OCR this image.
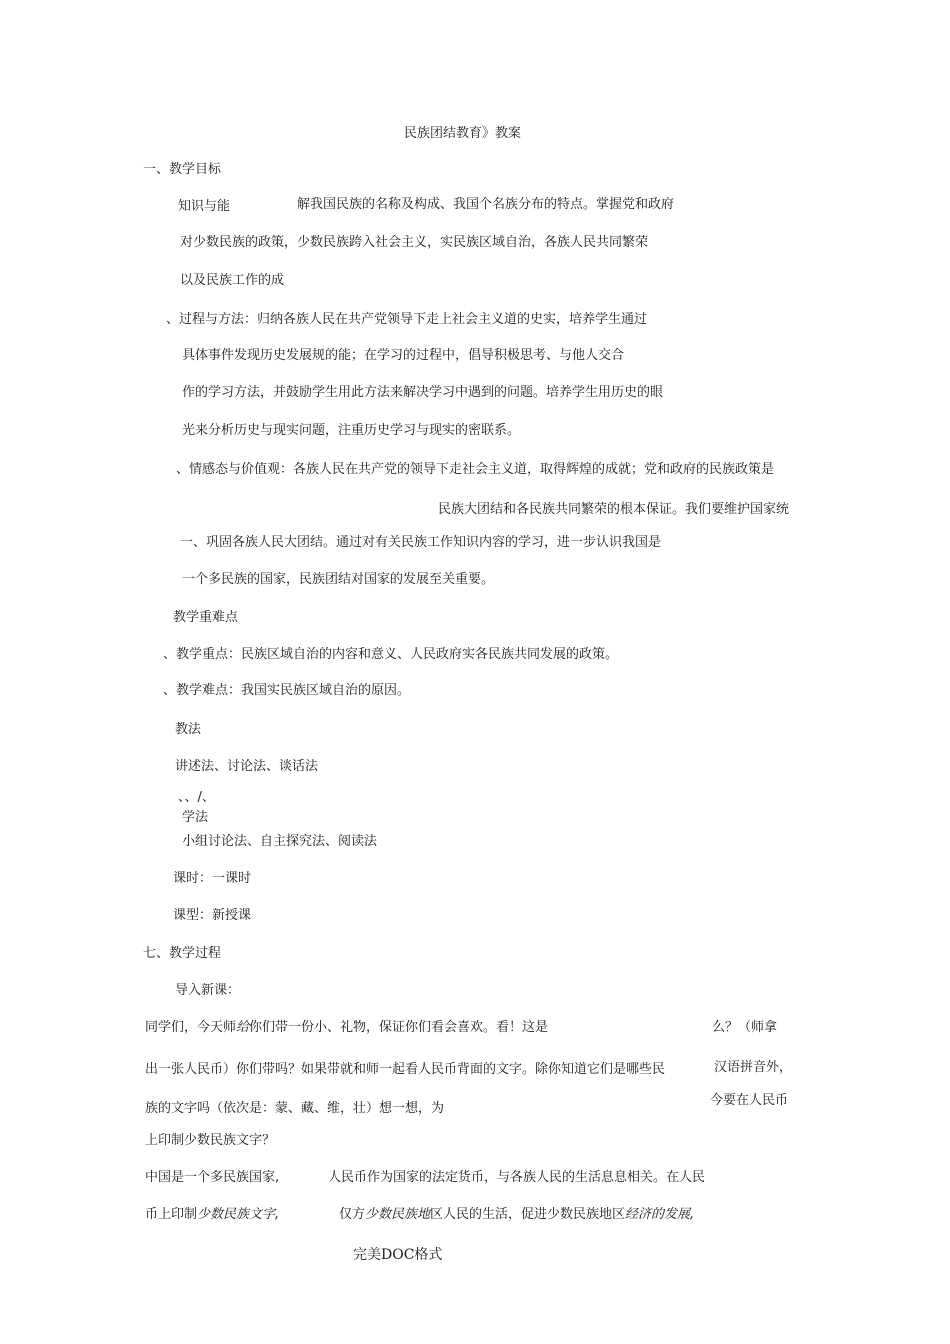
民族团结教育》教案
一、教学目标
知识与能	解我国民族的名称及构成、我国个名族分布的特点。掌握党和政府
对少数民族的政策，少数民族跨入社会主义，实民族区域自治，各族人民共同繁荣
以及民族工作的成
、过程与方法：归纳各族人民在共产党领导下走上社会主义道的史实，培养学生通过
具体事件发现历史发展规的能；在学习的过程中，倡导积极思考、与他人交合
作的学习方法，并鼓励学生用此方法来解决学习中遇到的问题。培养学生用历史的眼
光来分析历史与现实问题，注重历史学习与现实的密联系。
、情感态与价值观：各族人民在共产党的领导下走社会主义道，取得辉煌的成就；党和政府的民族政策是
民族大团结和各民族共同繁荣的根本保证。我们要维护国家统
一、巩固各族人民大团结。通过对有关民族工作知识内容的学习，进一步认识我国是
一个多民族的国家，民族团结对国家的发展至关重要。
教学重难点
、教学重点：民族区域自治的内容和意义、人民政府实各民族共同发展的政策。
、教学难点：我国实民族区域自治的原因。
教法
讲述法、讨论法、谈话法
、、/、
学法
小组讨论法、自主探究法、阅读法
课时：一课时
课型：新授课
七、教学过程
导入新课：
同学们，今天师给你们带一份小、礼物，保证你们看会喜欢。看！这是	么？（师拿
出一张人民币）你们带吗？如果带就和师一起看人民币背面的文字。除你知道它们是哪些民	汉语拼音外，
族的文字吗（依次是：蒙、藏、维，壮）想一想，为
今要在人民币
上印制少数民族文字？
中国是一个多民族国家,	人民币作为国家的法定货币，与各族人民的生活息息相关。在人民
币上印制少数民族文字,	仅方少数民族地区人民的生活，促进少数民族地区经济的发展,
完美DOC格式
